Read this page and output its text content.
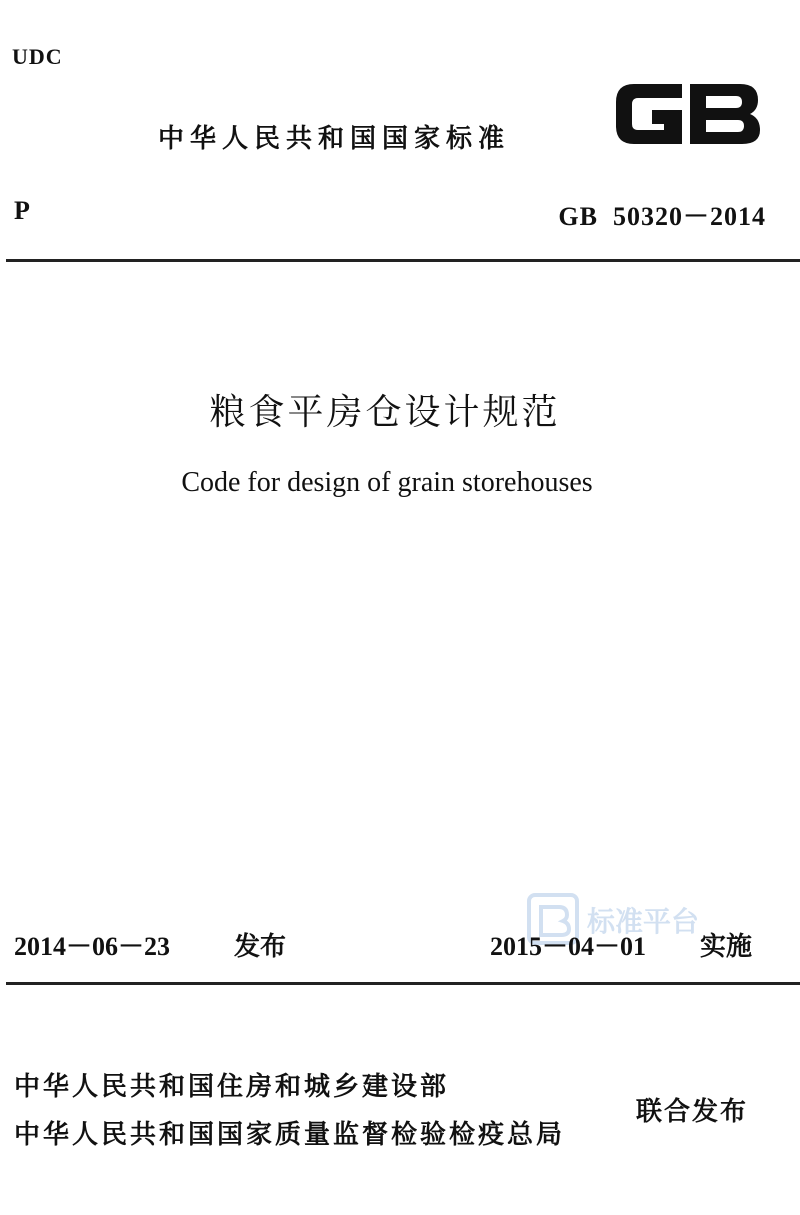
UDC
中华人民共和国国家标准
P	GB  50320－2014
粮食平房仓设计规范
Code for design of grain storehouses
2014－06－23 发布
标准平台
2015－04－01 实施
中华人民共和国住房和城乡建设部
中华人民共和国国家质量监督检验检疫总局
联合发布
